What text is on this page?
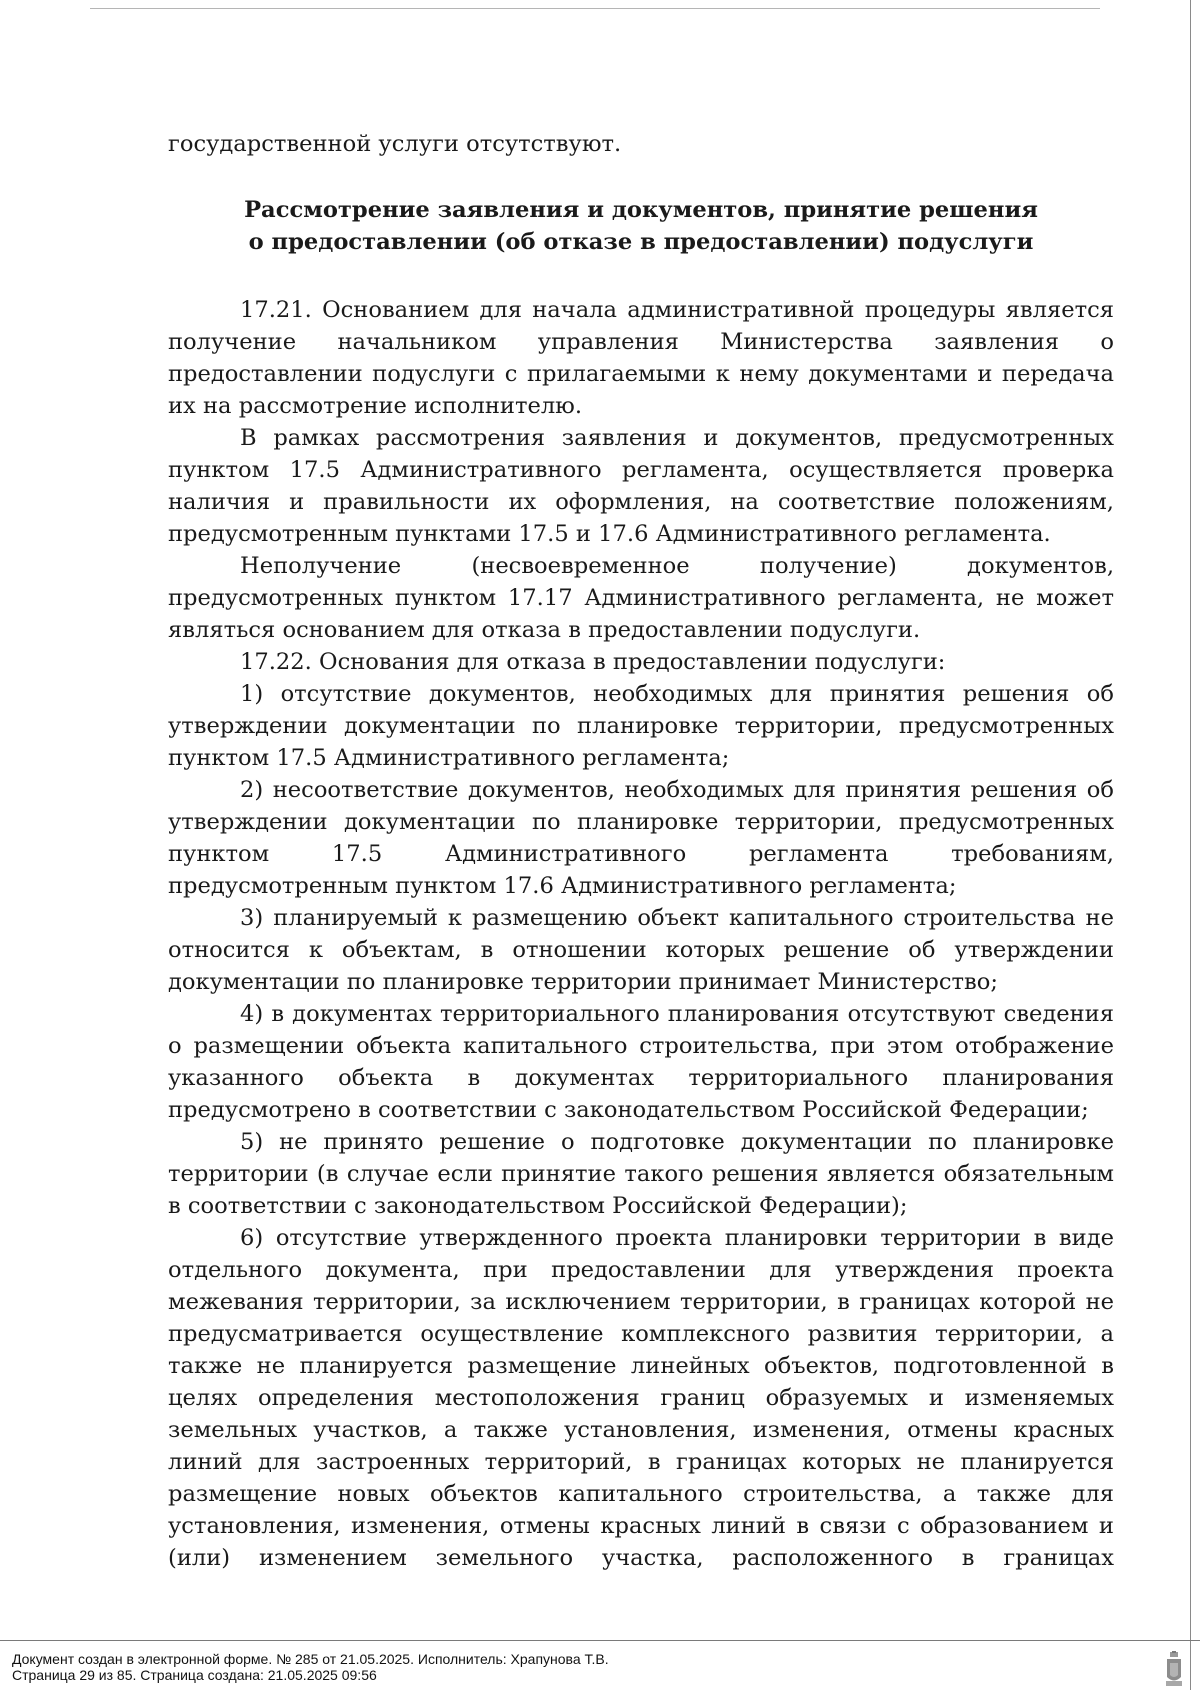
государственной услуги отсутствуют.

Рассмотрение заявления и документов, принятие решения
о предоставлении (об отказе в предоставлении) подуслуги

17.21. Основанием для начала административной процедуры является получение начальником управления Министерства заявления о предоставлении подуслуги с прилагаемыми к нему документами и передача их на рассмотрение исполнителю.

В рамках рассмотрения заявления и документов, предусмотренных пунктом 17.5 Административного регламента, осуществляется проверка наличия и правильности их оформления, на соответствие положениям, предусмотренным пунктами 17.5 и 17.6 Административного регламента.

Неполучение (несвоевременное получение) документов, предусмотренных пунктом 17.17 Административного регламента, не может являться основанием для отказа в предоставлении подуслуги.

17.22. Основания для отказа в предоставлении подуслуги:

1) отсутствие документов, необходимых для принятия решения об утверждении документации по планировке территории, предусмотренных пунктом 17.5 Административного регламента;

2) несоответствие документов, необходимых для принятия решения об утверждении документации по планировке территории, предусмотренных пунктом 17.5 Административного регламента требованиям, предусмотренным пунктом 17.6 Административного регламента;

3) планируемый к размещению объект капитального строительства не относится к объектам, в отношении которых решение об утверждении документации по планировке территории принимает Министерство;

4) в документах территориального планирования отсутствуют сведения о размещении объекта капитального строительства, при этом отображение указанного объекта в документах территориального планирования предусмотрено в соответствии с законодательством Российской Федерации;

5) не принято решение о подготовке документации по планировке территории (в случае если принятие такого решения является обязательным в соответствии с законодательством Российской Федерации);

6) отсутствие утвержденного проекта планировки территории в виде отдельного документа, при предоставлении для утверждения проекта межевания территории, за исключением территории, в границах которой не предусматривается осуществление комплексного развития территории, а также не планируется размещение линейных объектов, подготовленной в целях определения местоположения границ образуемых и изменяемых земельных участков, а также установления, изменения, отмены красных линий для застроенных территорий, в границах которых не планируется размещение новых объектов капитального строительства, а также для установления, изменения, отмены красных линий в связи с образованием и (или) изменением земельного участка, расположенного в границах

Документ создан в электронной форме. № 285 от 21.05.2025. Исполнитель: Храпунова Т.В.
Страница 29 из 85. Страница создана: 21.05.2025 09:56
